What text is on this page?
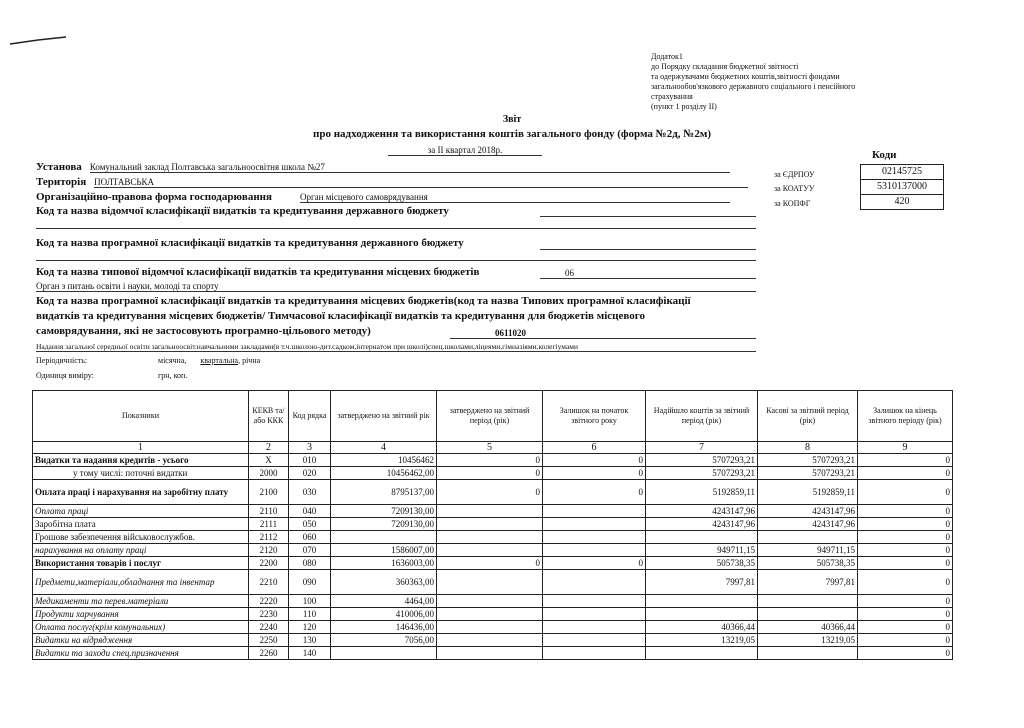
Додаток1
до Порядку складання бюджетної звітності
та одержувачами бюджетних коштів,звітності фондами
загальнообов'язкового державного соціального і пенсійного
страхування
(пункт 1 розділу II)
Звіт
про надходження та використання коштів загального фонду (форма №2д, №2м)
за II квартал 2018р.	Коди
за ЄДРПОУ	02145725
за КОАТУУ	5310137000
за КОПФГ	420
Установа Комунальний заклад Полтавська загальноосвітня школа №27
Територія ПОЛТАВСЬКА
Організаційно-правова форма господарювання	Орган місцевого самоврядування
Код та назва відомчої класифікації видатків та кредитування державного бюджету
Код та назва програмної класифікації видатків та кредитування державного бюджету
Код та назва типової відомчої класифікації видатків та кредитування місцевих бюджетів	06
Орган з питань освіти і науки, молоді та спорту
Код та назва програмної класифікації видатків та кредитування місцевих бюджетів(код та назва Типових програмної класифікації
видатків та кредитування місцевих бюджетів/ Тимчасової класифікації видатків та кредитування для бюджетів місцевого
самоврядування, які не застосовують програмно-цільового методу)	0611020
Надання загальної середньої освіти загальноосвіт.навчальними закладами(в т.ч.школою-дит.садком,інтернатом при школі)спец.школами,ліцеями,гімназіями,колегіумами
Періодичність:	місячна, квартальна, річна
Одиниця виміру:	грн, коп.
Показники	КЕКВ та/або ККК	Код рядка	затверджено на звітний рік	затверджено на звітний період (рік)	Залишок на початок звітного року	Надійшло коштів за звітний період (рік)	Касові за звітний період (рік)	Залишок на кінець звітного періоду (рік)
1	2	3	4	5	6	7	8	9
Видатки та надання кредитів - усього	X	010	10456462	0	0	5707293,21	5707293,21	0
у тому числі: поточні видатки	2000	020	10456462,00	0	0	5707293,21	5707293,21	0
Оплата праці і нарахування на заробітну плату	2100	030	8795137,00	0	0	5192859,11	5192859,11	0
Оплата праці	2110	040	7209130,00			4243147,96	4243147,96	0
Заробітна плата	2111	050	7209130,00			4243147,96	4243147,96	0
Грошове забезпечення військовослужбов.	2112	060						0
нарахування на оплату праці	2120	070	1586007,00			949711,15	949711,15	0
Використання товарів і послуг	2200	080	1636003,00	0	0	505738,35	505738,35	0
Предмети,матеріали,обладнання та інвентар	2210	090	360363,00			7997,81	7997,81	0
Медикаменти та перев.матеріали	2220	100	4464,00					0
Продукти харчування	2230	110	410006,00					0
Оплата послуг(крім комунальних)	2240	120	146436,00			40366,44	40366,44	0
Видатки на відрядження	2250	130	7056,00			13219,05	13219,05	0
Видатки та заходи спец.призначення	2260	140						0
